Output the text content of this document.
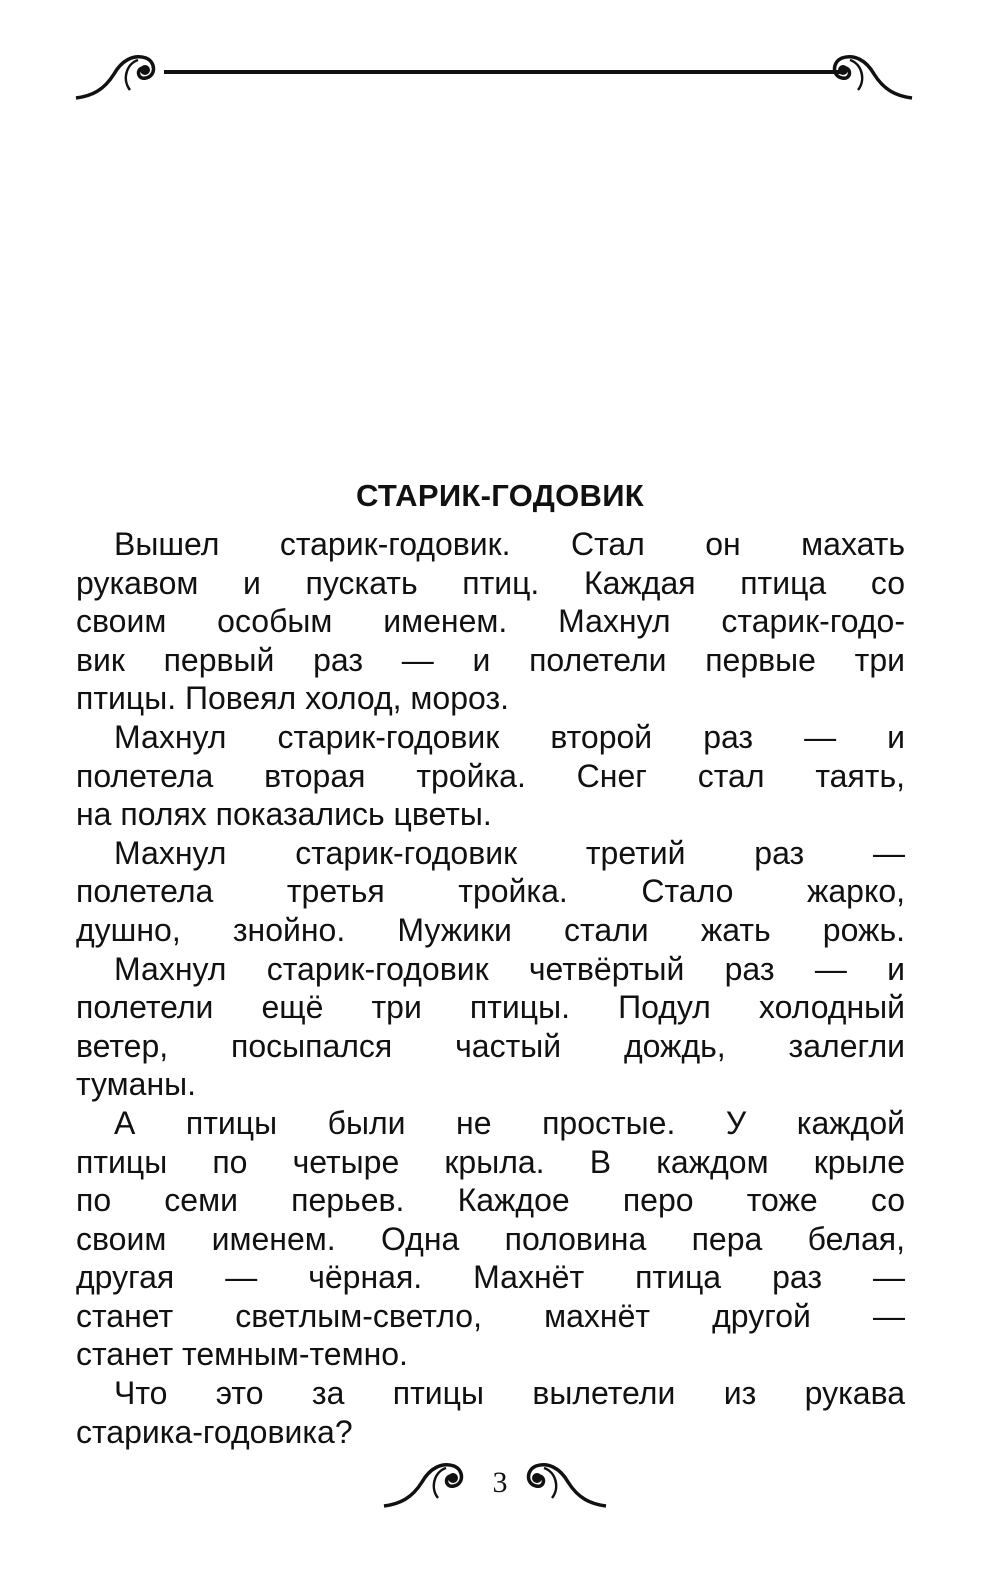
СТАРИК-ГОДОВИК
Вышел старик-годовик. Стал он махать
рукавом и пускать птиц. Каждая птица со
своим особым именем. Махнул старик-годо-
вик первый раз — и полетели первые три
птицы. Повеял холод, мороз.
Махнул старик-годовик второй раз — и
полетела вторая тройка. Снег стал таять,
на полях показались цветы.
Махнул старик-годовик третий раз —
полетела третья тройка. Стало жарко,
душно, знойно. Мужики стали жать рожь.
Махнул старик-годовик четвёртый раз — и
полетели ещё три птицы. Подул холодный
ветер, посыпался частый дождь, залегли
туманы.
А птицы были не простые. У каждой
птицы по четыре крыла. В каждом крыле
по семи перьев. Каждое перо тоже со
своим именем. Одна половина пера белая,
другая — чёрная. Махнёт птица раз —
станет светлым-светло, махнёт другой —
станет темным-темно.
Что это за птицы вылетели из рукава
старика-годовика?
3
